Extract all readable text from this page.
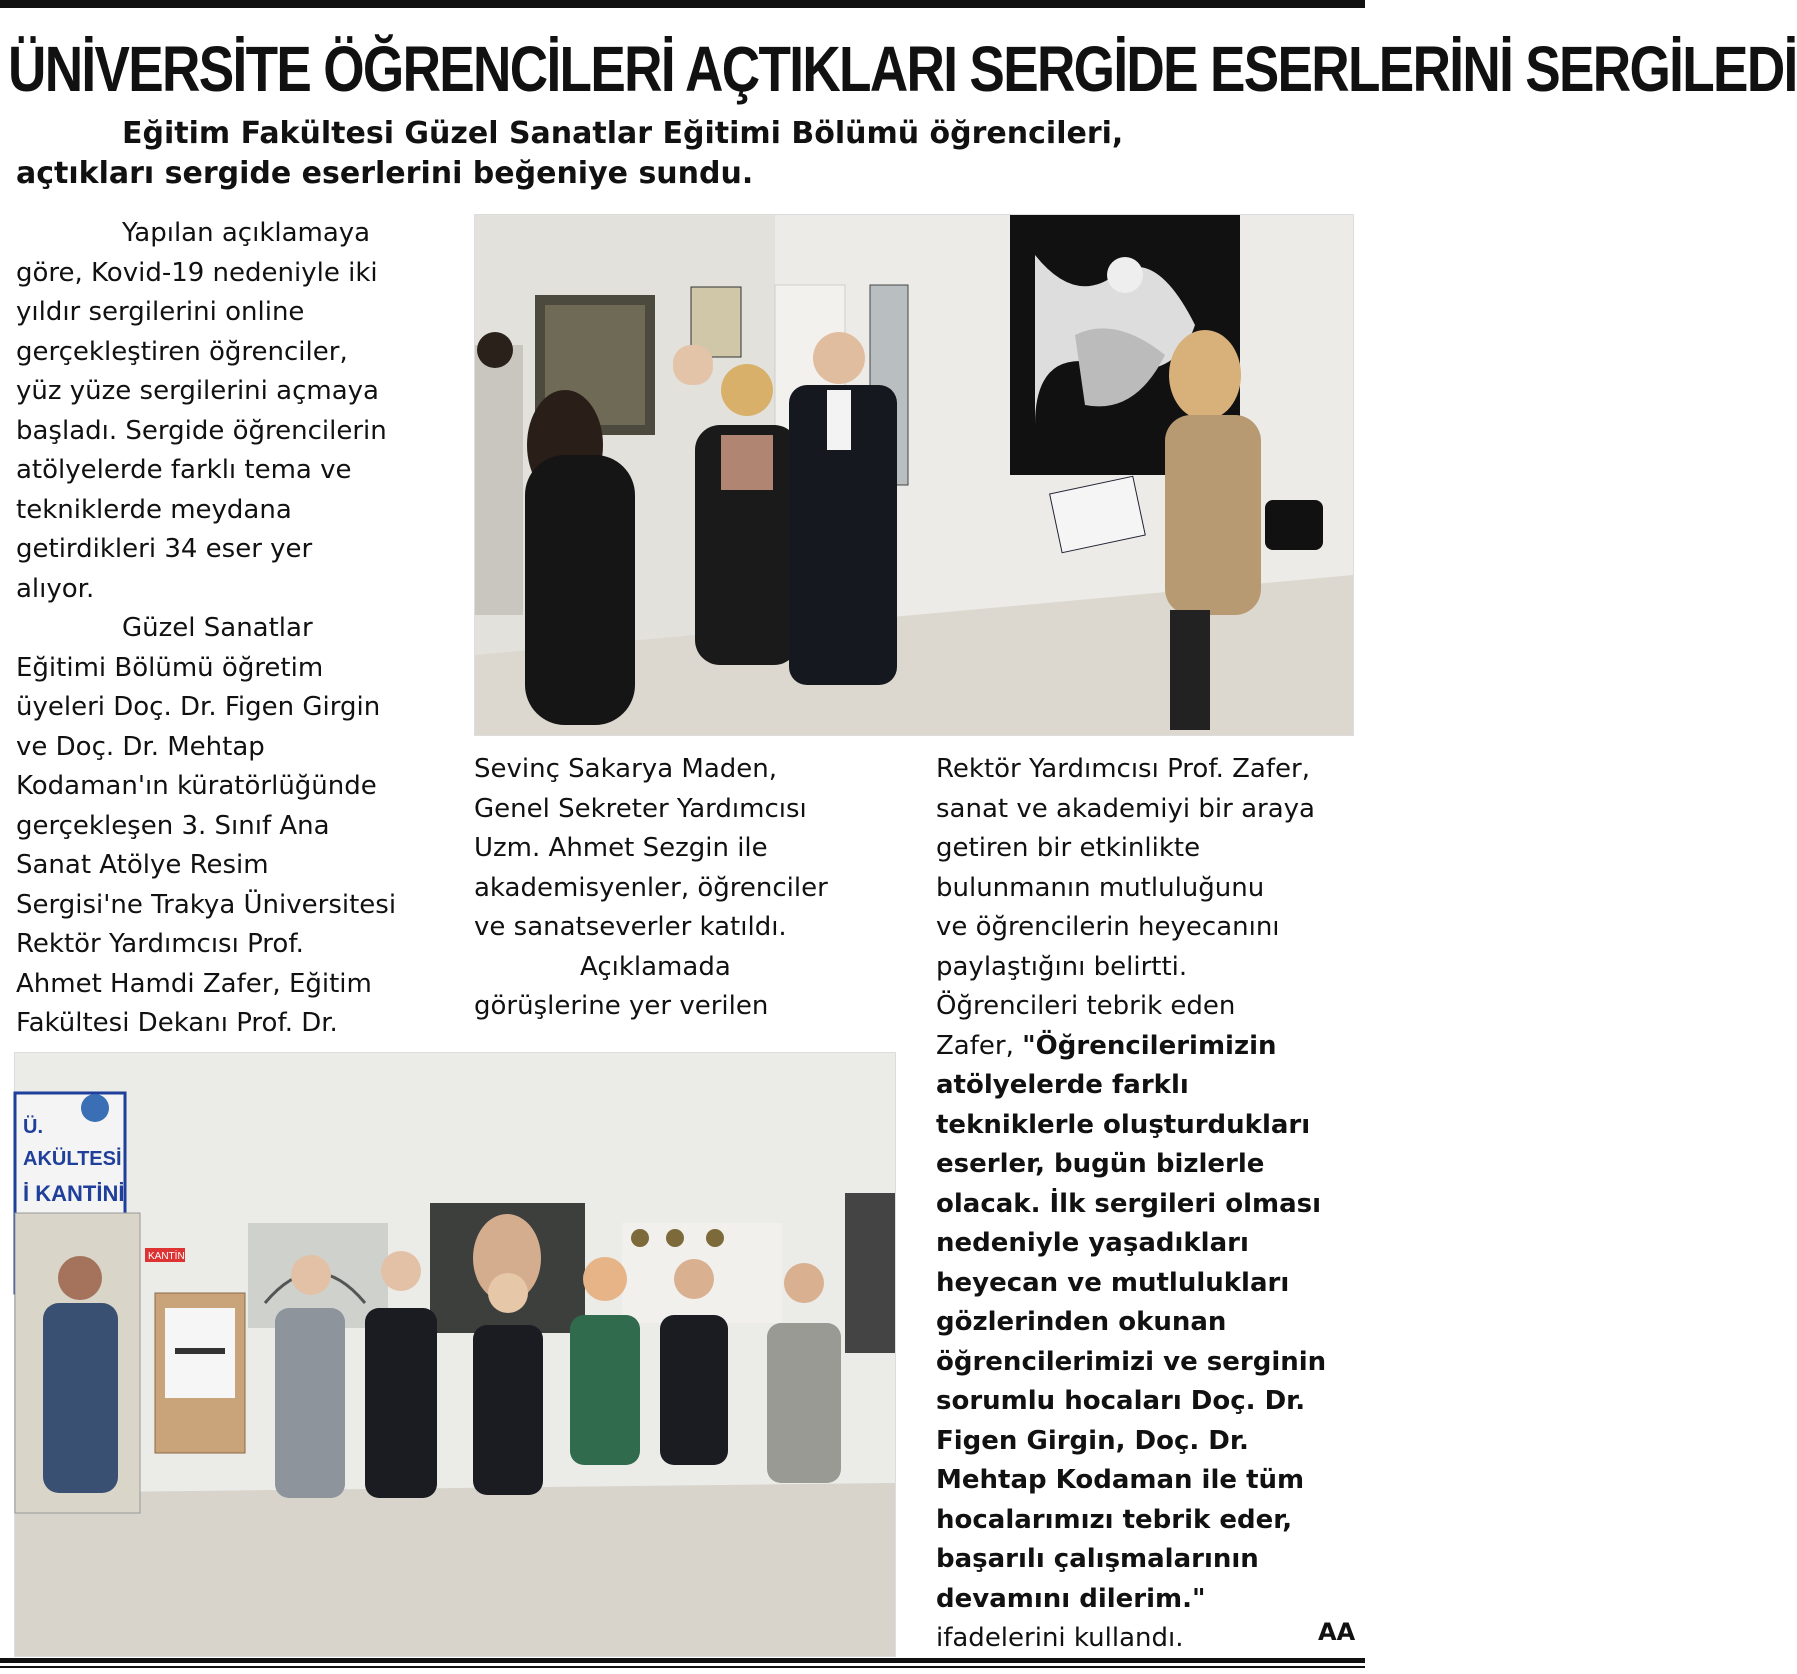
ÜNİVERSİTE ÖĞRENCİLERİ AÇTIKLARI SERGİDE ESERLERİNİ SERGİLEDİ
Eğitim Fakültesi Güzel Sanatlar Eğitimi Bölümü öğrencileri,
açtıkları sergide eserlerini beğeniye sundu.

Yapılan açıklamaya

göre, Kovid-19 nedeniyle iki

yıldır sergilerini online

gerçekleştiren öğrenciler,

yüz yüze sergilerini açmaya

başladı. Sergide öğrencilerin

atölyelerde farklı tema ve

tekniklerde meydana

getirdikleri 34 eser yer

alıyor.

Güzel Sanatlar

Eğitimi Bölümü öğretim

üyeleri Doç. Dr. Figen Girgin

ve Doç. Dr. Mehtap

Kodaman'ın küratörlüğünde

gerçekleşen 3. Sınıf Ana

Sanat Atölye Resim

Sergisi'ne Trakya Üniversitesi

Rektör Yardımcısı Prof.

Ahmet Hamdi Zafer, Eğitim

Fakültesi Dekanı Prof. Dr.

Sevinç Sakarya Maden,

Genel Sekreter Yardımcısı

Uzm. Ahmet Sezgin ile

akademisyenler, öğrenciler

ve sanatseverler katıldı.

Açıklamada

görüşlerine yer verilen

Rektör Yardımcısı Prof. Zafer,

sanat ve akademiyi bir araya

getiren bir etkinlikte

bulunmanın mutluluğunu

ve öğrencilerin heyecanını

paylaştığını belirtti.

Öğrencileri tebrik eden

Zafer, "Öğrencilerimizin

atölyelerde farklı

tekniklerle oluşturdukları

eserler, bugün bizlerle

olacak. İlk sergileri olması

nedeniyle yaşadıkları

heyecan ve mutlulukları

gözlerinden okunan

öğrencilerimizi ve serginin

sorumlu hocaları Doç. Dr.

Figen Girgin, Doç. Dr.

Mehtap Kodaman ile tüm

hocalarımızı tebrik eder,

başarılı çalışmalarının

devamını dilerim."

ifadelerini kullandı.

Ü.
AKÜLTESİ
İ KANTİNİ
KANTİN
AA
